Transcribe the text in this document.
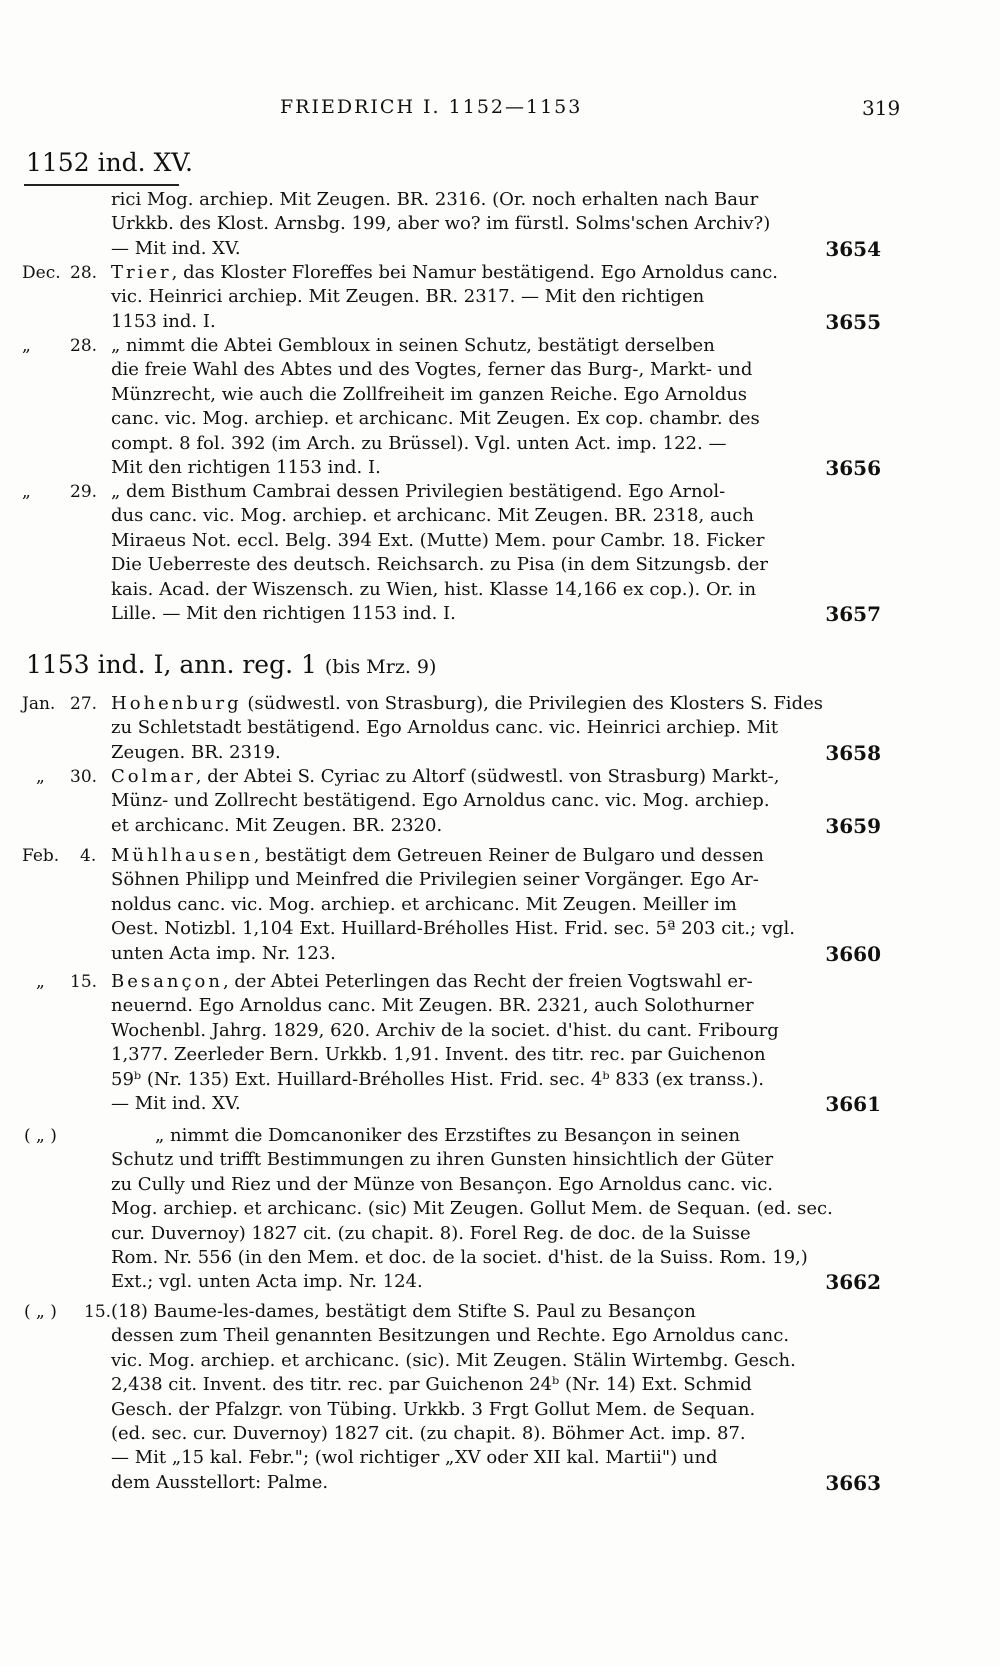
FRIEDRICH I. 1152—1153	319
1152 ind. XV.
rici Mog. archiep. Mit Zeugen. BR. 2316. (Or. noch erhalten nach Baur
Urkkb. des Klost. Arnsbg. 199, aber wo? im fürstl. Solms'schen Archiv?)
— Mit ind. XV.	3654
Dec. 28. Trier, das Kloster Floreffes bei Namur bestätigend. Ego Arnoldus canc.
vic. Heinrici archiep. Mit Zeugen. BR. 2317. — Mit den richtigen
1153 ind. I.	3655
„ 28. „ nimmt die Abtei Gembloux in seinen Schutz, bestätigt derselben
die freie Wahl des Abtes und des Vogtes, ferner das Burg-, Markt- und
Münzrecht, wie auch die Zollfreiheit im ganzen Reiche. Ego Arnoldus
canc. vic. Mog. archiep. et archicanc. Mit Zeugen. Ex cop. chambr. des
compt. 8 fol. 392 (im Arch. zu Brüssel). Vgl. unten Act. imp. 122. —
Mit den richtigen 1153 ind. I.	3656
„ 29. „ dem Bisthum Cambrai dessen Privilegien bestätigend. Ego Arnol-
dus canc. vic. Mog. archiep. et archicanc. Mit Zeugen. BR. 2318, auch
Miraeus Not. eccl. Belg. 394 Ext. (Mutte) Mem. pour Cambr. 18. Ficker
Die Ueberreste des deutsch. Reichsarch. zu Pisa (in dem Sitzungsb. der
kais. Acad. der Wiszensch. zu Wien, hist. Klasse 14,166 ex cop.). Or. in
Lille. — Mit den richtigen 1153 ind. I.	3657
1153 ind. I, ann. reg. 1 (bis Mrz. 9)
Jan. 27. Hohenburg (südwestl. von Strasburg), die Privilegien des Klosters S. Fides
zu Schletstadt bestätigend. Ego Arnoldus canc. vic. Heinrici archiep. Mit
Zeugen. BR. 2319.	3658
„ 30. Colmar, der Abtei S. Cyriac zu Altorf (südwestl. von Strasburg) Markt-,
Münz- und Zollrecht bestätigend. Ego Arnoldus canc. vic. Mog. archiep.
et archicanc. Mit Zeugen. BR. 2320.	3659
Feb. 4. Mühlhausen, bestätigt dem Getreuen Reiner de Bulgaro und dessen
Söhnen Philipp und Meinfred die Privilegien seiner Vorgänger. Ego Ar-
noldus canc. vic. Mog. archiep. et archicanc. Mit Zeugen. Meiller im
Oest. Notizbl. 1,104 Ext. Huillard-Bréholles Hist. Frid. sec. 5ª 203 cit.; vgl.
unten Acta imp. Nr. 123.	3660
„ 15. Besançon, der Abtei Peterlingen das Recht der freien Vogtswahl er-
neuernd. Ego Arnoldus canc. Mit Zeugen. BR. 2321, auch Solothurner
Wochenbl. Jahrg. 1829, 620. Archiv de la societ. d'hist. du cant. Fribourg
1,377. Zeerleder Bern. Urkkb. 1,91. Invent. des titr. rec. par Guichenon
59ᵇ (Nr. 135) Ext. Huillard-Bréholles Hist. Frid. sec. 4ᵇ 833 (ex transs.).
— Mit ind. XV.	3661
( „ )	„ nimmt die Domcanoniker des Erzstiftes zu Besançon in seinen
Schutz und trifft Bestimmungen zu ihren Gunsten hinsichtlich der Güter
zu Cully und Riez und der Münze von Besançon. Ego Arnoldus canc. vic.
Mog. archiep. et archicanc. (sic) Mit Zeugen. Gollut Mem. de Sequan. (ed. sec.
cur. Duvernoy) 1827 cit. (zu chapit. 8). Forel Reg. de doc. de la Suisse
Rom. Nr. 556 (in den Mem. et doc. de la societ. d'hist. de la Suiss. Rom. 19,)
Ext.; vgl. unten Acta imp. Nr. 124.	3662
( „ ) 15. (18) Baume-les-dames, bestätigt dem Stifte S. Paul zu Besançon
dessen zum Theil genannten Besitzungen und Rechte. Ego Arnoldus canc.
vic. Mog. archiep. et archicanc. (sic). Mit Zeugen. Stälin Wirtembg. Gesch.
2,438 cit. Invent. des titr. rec. par Guichenon 24ᵇ (Nr. 14) Ext. Schmid
Gesch. der Pfalzgr. von Tübing. Urkkb. 3 Frgt Gollut Mem. de Sequan.
(ed. sec. cur. Duvernoy) 1827 cit. (zu chapit. 8). Böhmer Act. imp. 87.
— Mit „15 kal. Febr."; (wol richtiger „XV oder XII kal. Martii") und
dem Ausstellort: Palme.	3663
